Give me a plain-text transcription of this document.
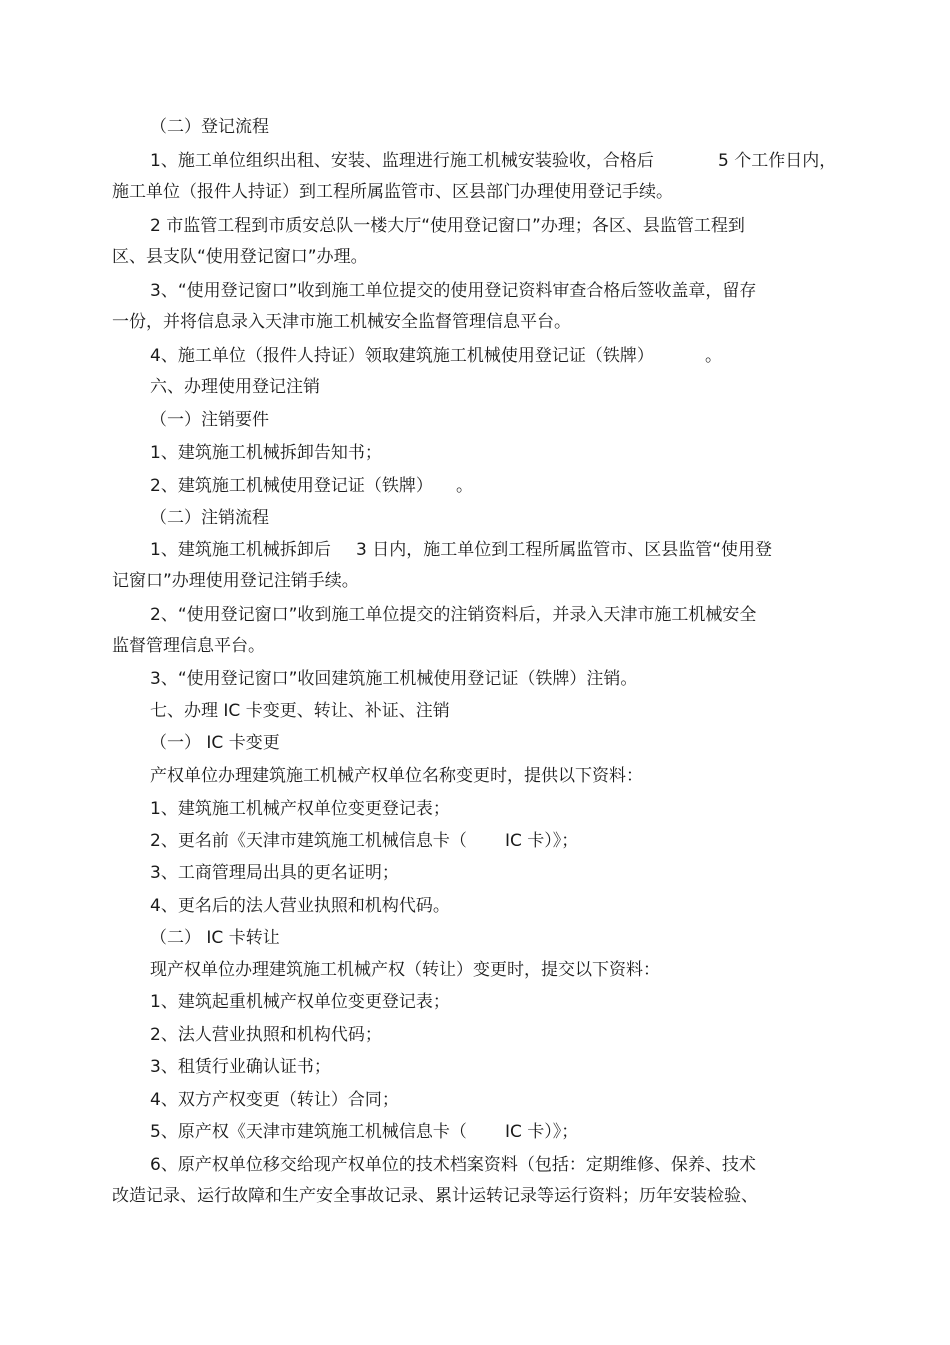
（二）登记流程
1、施工单位组织出租、安装、监理进行施工机械安装验收，合格后	5 个工作日内，
施工单位（报件人持证）到工程所属监管市、区县部门办理使用登记手续。
2 市监管工程到市质安总队一楼大厅“使用登记窗口”办理；各区、县监管工程到
区、县支队“使用登记窗口”办理。
3、“使用登记窗口”收到施工单位提交的使用登记资料审查合格后签收盖章，留存
一份，并将信息录入天津市施工机械安全监督管理信息平台。
4、施工单位（报件人持证）领取建筑施工机械使用登记证（铁牌）	。
六、办理使用登记注销
（一）注销要件
1、建筑施工机械拆卸告知书；
2、建筑施工机械使用登记证（铁牌） 。
（二）注销流程
1、建筑施工机械拆卸后 3 日内，施工单位到工程所属监管市、区县监管“使用登
记窗口”办理使用登记注销手续。
2、“使用登记窗口”收到施工单位提交的注销资料后，并录入天津市施工机械安全
监督管理信息平台。
3、“使用登记窗口”收回建筑施工机械使用登记证（铁牌）注销。
七、办理 IC 卡变更、转让、补证、注销
（一） IC 卡变更
产权单位办理建筑施工机械产权单位名称变更时，提供以下资料：
1、建筑施工机械产权单位变更登记表；
2、更名前《天津市建筑施工机械信息卡（ IC 卡）》；
3、工商管理局出具的更名证明；
4、更名后的法人营业执照和机构代码。
（二） IC 卡转让
现产权单位办理建筑施工机械产权（转让）变更时，提交以下资料：
1、建筑起重机械产权单位变更登记表；
2、法人营业执照和机构代码；
3、租赁行业确认证书；
4、双方产权变更（转让）合同；
5、原产权《天津市建筑施工机械信息卡（ IC 卡）》；
6、原产权单位移交给现产权单位的技术档案资料（包括：定期维修、保养、技术
改造记录、运行故障和生产安全事故记录、累计运转记录等运行资料；历年安装检验、
